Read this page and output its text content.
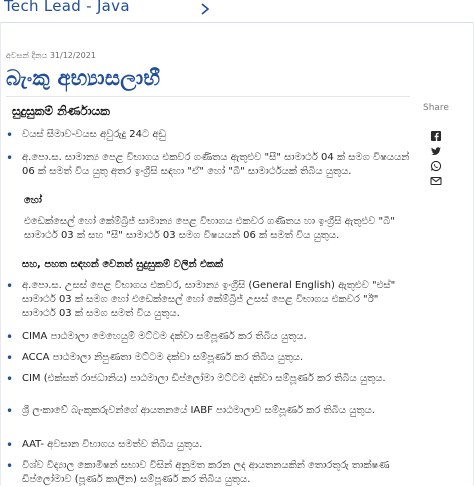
Tech Lead - Java
අවසන් දිනය 31/12/2021
බැංකු අභ්‍යාසලාභී
සුදුසුකම් නිර්ණායක
• වයස් සීමාව-වයස අවුරුදු 24ට අඩු
• අ.පො.ස. සාමාන්‍ය පෙළ විභාගය එකවර ගණිතය ඇතුළුව "සී" සාමාර්ථ 04 ක් සමග විෂයයන් 06 ක් සමත් විය යුතු අතර ඉංග්‍රීසි සඳහා "ඒ" හෝ "බී" සාමාර්ථයක් තිබිය යුතුය.
හෝ
එඩෙක්සෙල් හෝ කේම්බ්‍රිජ් සාමාන්‍ය පෙළ විභාගය එකවර ගණිතය හා ඉංග්‍රීසි ඇතුළුව "බී" සාමාර්ථ 03 ක් සහ "සී" සාමාර්ථ 03 සමග විෂයයන් 06 ක් සමත් විය යුතුය.
සහ, පහත සඳහන් වෙනත් සුදුසුකම් වලින් එකක්
• අ.පො.ස. උසස් පෙළ විභාගය එකවර, සාමාන්‍ය ඉංග්‍රීසි (General English) ඇතුළුව "එස්" සාමාර්ථ 03 ක් සමග හෝ එඩෙක්සෙල් හෝ කේම්බ්‍රිජ් උසස් පෙළ විභාගය එකවර "ඊ" සාමාර්ථ 03 ක් සමග සමත් විය යුතුය.
• CIMA පාඨමාලා මෙහෙයුම් මට්ටම දක්වා සම්පූර්ණ කර තිබිය යුතුය.
• ACCA පාඨමාලා නිපුණතා මට්ටම දක්වා සම්පූර්ණ කර තිබිය යුතුය.
• CIM (එක්සත් රාජධානිය) පාඨමාලා ඩිප්ලෝමා මට්ටම දක්වා සම්පූර්ණ කර තිබිය යුතුය.
• ශ්‍රී ලංකාවේ බැංකුකරුවන්ගේ ආයතනයේ IABF පාඨමාලාව සම්පූර්ණ කර තිබිය යුතුය.
• AAT- අවසාන විභාගය සමත්ව තිබිය යුතුය.
• විශ්ව විද්‍යාල කොමිෂන් සභාව විසින් අනුමත කරන ලද ආයතනයකින් තොරතුරු තාක්ෂණ ඩිප්ලෝමාව (පූර්ණ කාලීන) සම්පූර්ණ කර තිබිය යුතුය.
Share
